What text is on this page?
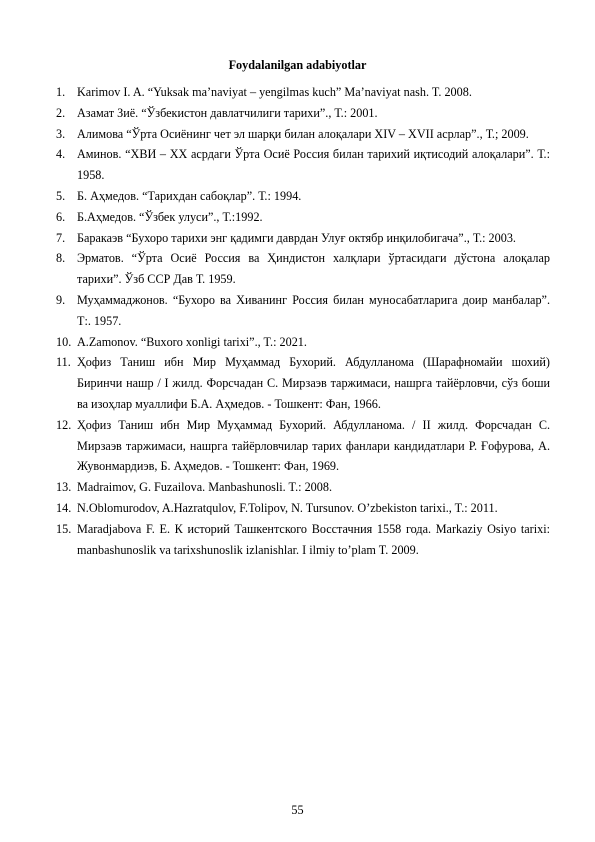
Foydalanilgan adabiyotlar
1. Karimov I. A. “Yuksak ma’naviyat – yengilmas kuch” Ma’naviyat nash. T. 2008.
2. Азамат Зиё. “Ўзбекистон давлатчилиги тарихи”., Т.: 2001.
3. Алимова “Ўрта Осиёнинг чет эл шарқи билан алоқалари XIV – XVII асрлар”., Т.; 2009.
4. Аминов. “ХВИ – ХХ асрдаги Ўрта Осиё Россия билан тарихий иқтисодий алоқалари”. Т.: 1958.
5. Б. Аҳмедов. “Тарихдан сабоқлар”. Т.: 1994.
6. Б.Аҳмедов. “Ўзбек улуси”., Т.:1992.
7. Баракаэв “Бухоро тарихи энг қадимги даврдан Улуғ октябр инқилобигача”., Т.: 2003.
8. Эрматов. “Ўрта Осиё Россия ва Ҳиндистон халқлари ўртасидаги дўстона алоқалар тарихи”. Ўзб ССР Дав Т. 1959.
9. Муҳаммаджонов. “Бухоро ва Хиванинг Россия билан муносабатларига доир манбалар”. Т:. 1957.
10. A.Zamonov. “Buxoro xonligi tarixi”., T.: 2021.
11. Ҳофиз Таниш ибн Мир Муҳаммад Бухорий. Абдулланома (Шарафномайи шохий) Биринчи нашр / I жилд. Форсчадан С. Мирзаэв таржимаси, нашрга тайёрловчи, сўз боши ва изоҳлар муаллифи Б.А. Аҳмедов. - Тошкент: Фан, 1966.
12. Ҳофиз Таниш ибн Мир Муҳаммад Бухорий. Абдулланома. / II жилд. Форсчадан С. Мирзаэв таржимаси, нашрга тайёрловчилар тарих фанлари кандидатлари Р. Ғофурова, А. Жувонмардиэв, Б. Аҳмедов. - Тошкент: Фан, 1969.
13. Madraimov, G. Fuzailova. Manbashunosli. T.: 2008.
14. N.Oblomurodov, A.Hazratqulov, F.Tolipov, N. Tursunov. O’zbekiston tarixi., T.: 2011.
15. Maradjabova F. E. К историй Ташкентского Восстачния 1558 года. Markaziy Osiyo tarixi: manbashunoslik va tarixshunoslik izlanishlar. I ilmiy to’plam T. 2009.
55
